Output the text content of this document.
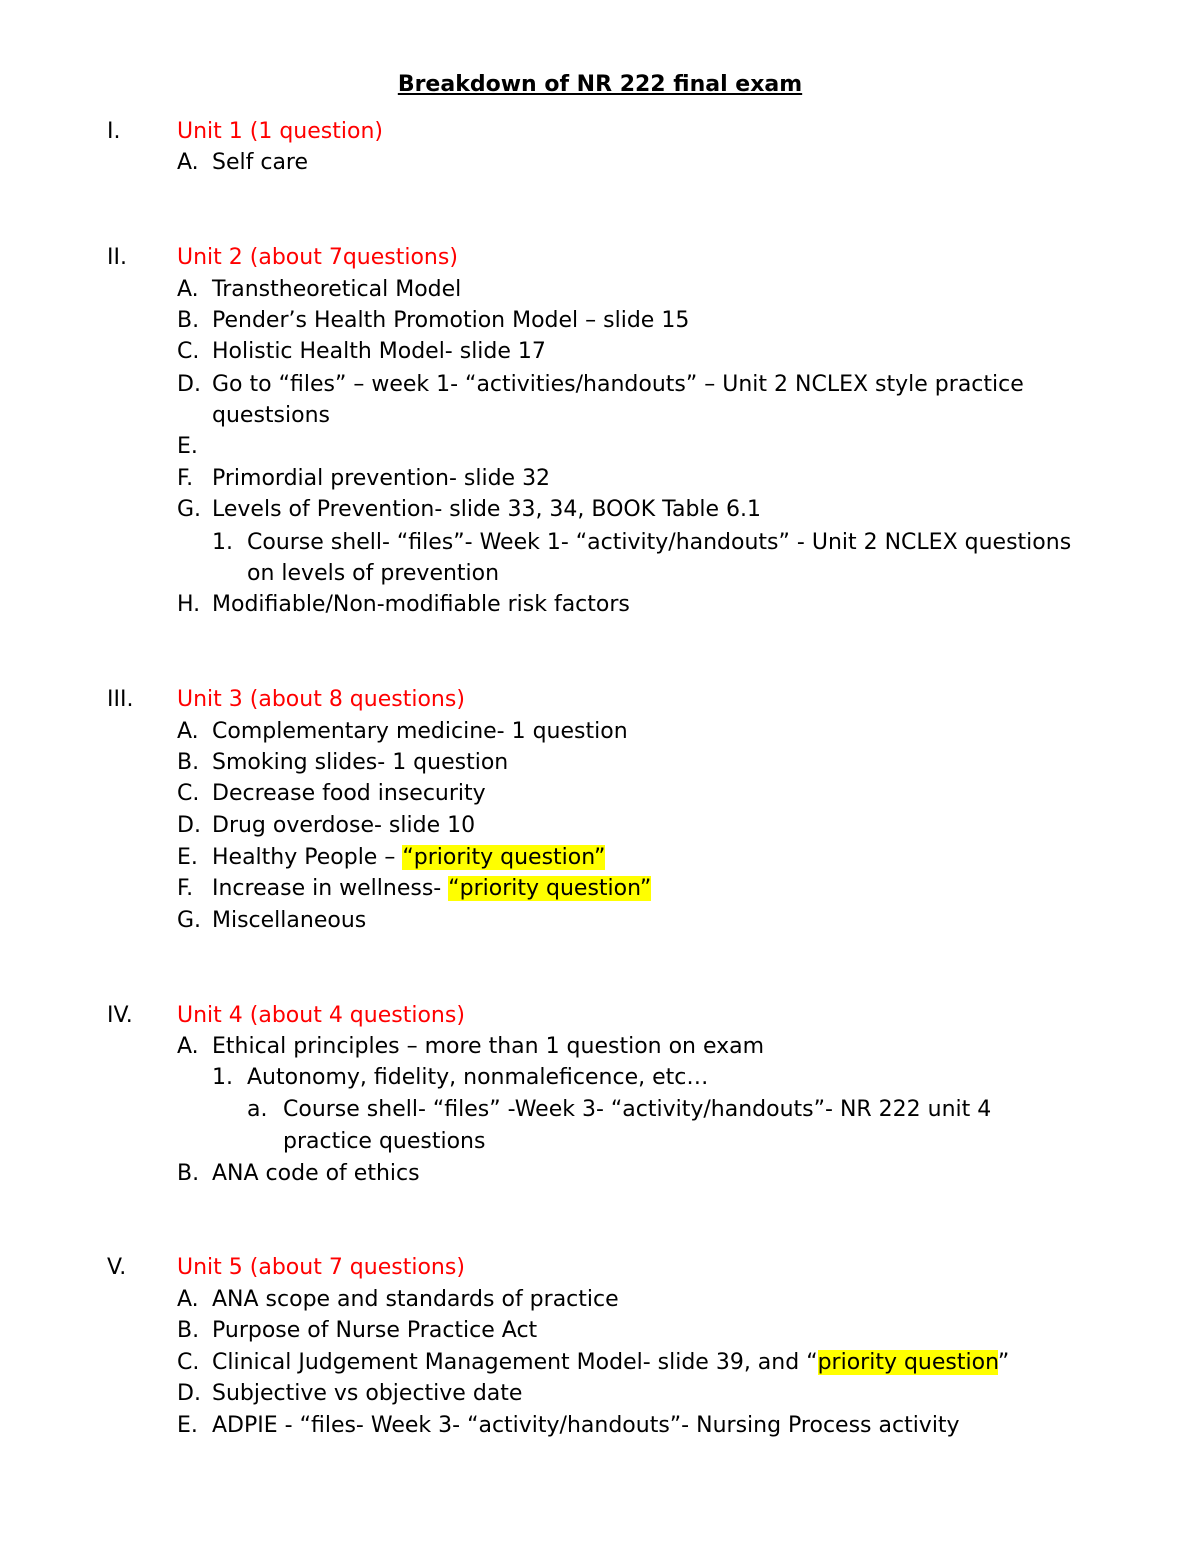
Breakdown of NR 222 final exam
I.	Unit 1 (1 question)
A. Self care
II. Unit 2 (about 7questions)
A. Transtheoretical Model
B. Pender’s Health Promotion Model – slide 15
C. Holistic Health Model- slide 17
D. Go to “files” – week 1- “activities/handouts” – Unit 2 NCLEX style practice
questsions
E.
F. Primordial prevention- slide 32
G. Levels of Prevention- slide 33, 34, BOOK Table 6.1
1. Course shell- “files”- Week 1- “activity/handouts” - Unit 2 NCLEX questions
on levels of prevention
H. Modifiable/Non-modifiable risk factors
III. Unit 3 (about 8 questions)
A. Complementary medicine- 1 question
B. Smoking slides- 1 question
C. Decrease food insecurity
D. Drug overdose- slide 10
E. Healthy People – “priority question”
F. Increase in wellness- “priority question”
G. Miscellaneous
IV. Unit 4 (about 4 questions)
A. Ethical principles – more than 1 question on exam
1. Autonomy, fidelity, nonmaleficence, etc…
a. Course shell- “files” -Week 3- “activity/handouts”- NR 222 unit 4
practice questions
B. ANA code of ethics
V. Unit 5 (about 7 questions)
A. ANA scope and standards of practice
B. Purpose of Nurse Practice Act
C. Clinical Judgement Management Model- slide 39, and “priority question”
D. Subjective vs objective date
E. ADPIE - “files- Week 3- “activity/handouts”- Nursing Process activity
